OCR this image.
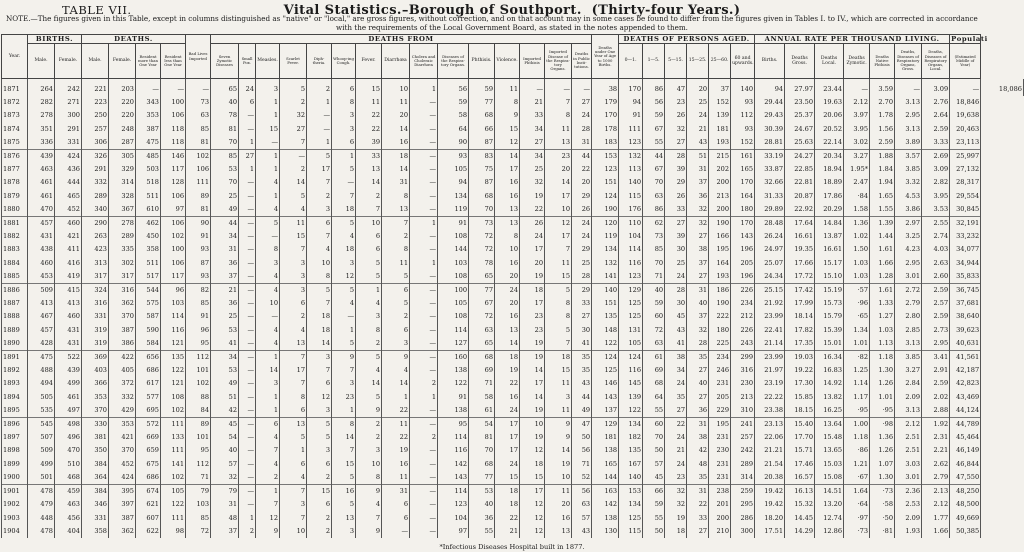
TABLE VII.	Vital Statistics.–Borough of Southport. (Thirty-four Years.)
NOTE.—The figures given in this Table, except in columns distinguished as "native" or "local," are gross figures, without correction, and on that account may in some cases be found to differ from the figures given in Tables I. to IV., which are corrected in accordance
with the requirements of the Local Government Board, as stated in the notes appended to them.
Year.	BIRTHS.		DEATHS.				Bad Lives Imported	DEATHS FROM															Deaths under One Year of Age to 1000 Births.	DEATHS OF PERSONS AGED.						ANNUAL RATE PER THOUSAND LIVING.							Populati	
	Male.	Female.	Male.	Female.	Resident more than One Year	Resident less than One Year		Seven Zymotic Diseases	Small Pox.	Measles.	Scarlet Fever.	Diph-theria.	Whoop-ing Cough.	Fever.	Diarrhœa	Cholera and Choleraic Diarrhœa	Diseases of the Respira-tory Organs.	Phthisis.	Violence.	Imported Phthisis	Imported Disease of the Respira-tory Organs.	Deaths in Public Insti-tutions.		0—1.	1—5.	5—15.	15—25.	25—60.	60 and upwards.	Births.	Deaths Gross.	Deaths Local.	Deaths Zymotic.	Deaths Native Phthisis	Deaths, Diseases of Respiratory Organs, Gross.	Deaths, Diseases of Respiratory Organs, Local.	(Estimated Middle of Year)	
1871	264	242	221	203	—	—	—	65	24	3	5	2	6	15	10	1	56	59	11	—	—	—	38	170	86	47	20	37	140	94	27.97	23.44	—	3.59	—	3.09	—	18,086
1872	282	271	223	220	343	100	73	40	6	1	2	1	8	11	11	—	59	77	8	21	7	27	179	94	56	23	25	152	93	29.44	23.50	19.63	2.12	2.70	3.13	2.76	18,846	
1873	278	300	250	220	353	106	63	78	—	1	32	—	3	22	20	—	58	68	9	33	8	24	170	91	59	26	24	139	112	29.43	25.37	20.06	3.97	1.78	2.95	2.64	19,638	
1874	351	291	257	248	387	118	85	81	—	15	27	—	3	22	14	—	64	66	15	34	11	28	178	111	67	32	21	181	93	30.39	24.67	20.52	3.95	1.56	3.13	2.59	20,463	
1875	336	331	306	287	475	118	81	70	1	—	7	1	6	39	16	—	90	87	12	27	13	31	183	123	55	27	43	193	152	28.81	25.63	22.14	3.02	2.59	3.89	3.33	23,113	
1876	439	424	326	305	485	146	102	85	27	1	—	5	1	33	18	—	93	83	14	34	23	44	153	132	44	28	51	215	161	33.19	24.27	20.34	3.27	1.88	3.57	2.69	25,997	
1877	463	436	291	329	503	117	106	53	1	1	2	17	5	13	14	—	105	75	17	25	20	22	123	113	67	39	31	202	165	33.87	22.85	18.94	1.95*	1.84	3.85	3.09	27,132	
1878	461	444	332	314	518	128	111	70	—	4	14	7	—	14	31	—	94	87	16	32	14	20	151	140	70	29	37	200	170	32.66	22.81	18.89	2.47	1.94	3.32	2.82	28,317	
1879	461	465	289	328	511	106	89	25	—	1	5	2	7	2	8	—	134	68	16	19	17	29	124	115	63	26	36	213	164	31.33	20.87	17.86	·84	1.65	4.53	3.95	29,554	
1880	470	452	340	367	610	97	81	49	—	4	4	3	18	7	13	—	119	70	13	22	10	26	190	176	86	33	32	200	180	29.89	22.92	20.29	1.58	1.55	3.86	3.53	30,845	
1881	457	460	290	278	462	106	90	44	—	5	11	6	5	10	7	1	91	73	13	26	12	24	120	110	62	27	32	190	170	28.48	17.64	14.84	1.36	1.39	2.97	2.55	32,191	
1882	431	421	263	289	450	102	91	34	—	—	15	7	4	6	2	—	108	72	8	24	17	24	119	104	73	39	27	166	143	26.24	16.61	13.87	1.02	1.44	3.25	2.74	33,232	
1883	438	411	423	335	358	100	93	31	—	8	7	4	18	6	8	—	144	72	10	17	7	29	134	114	85	30	38	195	196	24.97	19.35	16.61	1.50	1.61	4.23	4.03	34,077	
1884	460	416	313	302	511	106	87	36	—	3	3	10	3	5	11	1	103	78	16	20	11	25	132	116	70	25	37	164	205	25.07	17.66	15.17	1.03	1.66	2.95	2.63	34,944	
1885	453	419	317	317	517	117	93	37	—	4	3	8	12	5	5	—	108	65	20	19	15	28	141	123	71	24	27	193	196	24.34	17.72	15.10	1.03	1.28	3.01	2.60	35,833	
1886	509	415	324	316	544	96	82	21	—	4	3	5	5	1	6	—	100	77	24	18	5	29	140	129	40	28	31	186	226	25.15	17.42	15.19	·57	1.61	2.72	2.59	36,745	
1887	413	413	316	362	575	103	85	36	—	10	6	7	4	4	5	—	105	67	20	17	8	33	151	125	59	30	40	190	234	21.92	17.99	15.73	·96	1.33	2.79	2.57	37,681	
1888	467	460	331	370	587	114	91	25	—	—	2	18	—	3	2	—	108	72	16	23	8	27	135	125	60	45	37	222	212	23.99	18.14	15.79	·65	1.27	2.80	2.59	38,640	
1889	457	431	319	387	590	116	96	53	—	4	4	18	1	8	6	—	114	63	13	23	5	30	148	131	72	43	32	180	226	22.41	17.82	15.39	1.34	1.03	2.85	2.73	39,623	
1890	428	431	319	386	584	121	95	41	—	4	13	14	5	2	3	—	127	65	14	19	7	41	122	105	63	41	28	225	243	21.14	17.35	15.01	1.01	1.13	3.13	2.95	40,631	
1891	475	522	369	422	656	135	112	34	—	1	7	3	9	5	9	—	160	68	18	19	18	35	124	124	61	38	35	234	299	23.99	19.03	16.34	·82	1.18	3.85	3.41	41,561	
1892	488	439	403	405	686	122	101	53	—	14	17	7	7	4	4	—	138	69	19	14	15	35	125	116	69	34	27	246	316	21.97	19.22	16.83	1.25	1.30	3.27	2.91	42,187	
1893	494	499	366	372	617	121	102	49	—	3	7	6	3	14	14	2	122	71	22	17	11	43	146	145	68	24	40	231	230	23.19	17.30	14.92	1.14	1.26	2.84	2.59	42,823	
1894	505	461	353	332	577	108	88	51	—	1	8	12	23	5	1	1	91	58	16	14	3	44	143	139	64	35	27	205	213	22.22	15.85	13.82	1.17	1.01	2.09	2.02	43,469	
1895	535	497	370	429	695	102	84	42	—	1	6	3	1	9	22	—	138	61	24	19	11	49	137	122	55	27	36	229	310	23.38	18.15	16.25	·95	·95	3.13	2.88	44,124	
1896	545	498	330	353	572	111	89	45	—	6	13	5	8	2	11	—	95	54	17	10	9	47	129	134	60	22	31	195	241	23.13	15.40	13.64	1.00	·98	2.12	1.92	44,789	
1897	507	496	381	421	669	133	101	54	—	4	5	5	14	2	22	2	114	81	17	19	9	50	181	182	70	24	38	231	257	22.06	17.70	15.48	1.18	1.36	2.51	2.31	45,464	
1898	509	470	350	370	659	111	95	40	—	7	1	3	7	3	19	—	116	70	17	12	14	56	138	135	50	21	42	230	242	21.21	15.71	13.65	·86	1.26	2.51	2.21	46,149	
1899	499	510	384	452	675	141	112	57	—	4	6	6	15	10	16	—	142	68	24	18	19	71	165	167	57	24	48	231	289	21.54	17.46	15.03	1.21	1.07	3.03	2.62	46,844	
1900	501	468	364	424	686	102	71	32	—	2	4	2	5	8	11	—	143	77	15	15	10	52	144	140	45	23	35	231	314	20.38	16.57	15.08	·67	1.30	3.01	2.79	47,550	
1901	478	459	384	395	674	105	79	79	—	1	7	15	16	9	31	—	114	53	18	17	11	56	163	153	66	32	31	238	259	19.42	16.13	14.51	1.64	·73	2.36	2.13	48,250	
1902	479	463	346	397	621	122	103	31	—	7	3	6	5	4	6	—	123	40	18	12	20	63	142	134	59	32	22	201	295	19.42	15.32	13.20	·64	·58	2.53	2.12	48,500	
1903	448	456	331	387	607	111	85	48	1	12	7	2	13	7	6	—	104	36	22	12	16	57	138	125	55	19	33	200	286	18.20	14.45	12.74	·97	·50	2.09	1.77	49,669	
1904	478	404	358	362	622	98	72	37	2	9	10	2	3	9	—	—	97	55	21	12	13	43	130	115	50	18	27	210	300	17.51	14.29	12.86	·73	·81	1.93	1.66	50,385	
*Infectious Diseases Hospital built in 1877.
